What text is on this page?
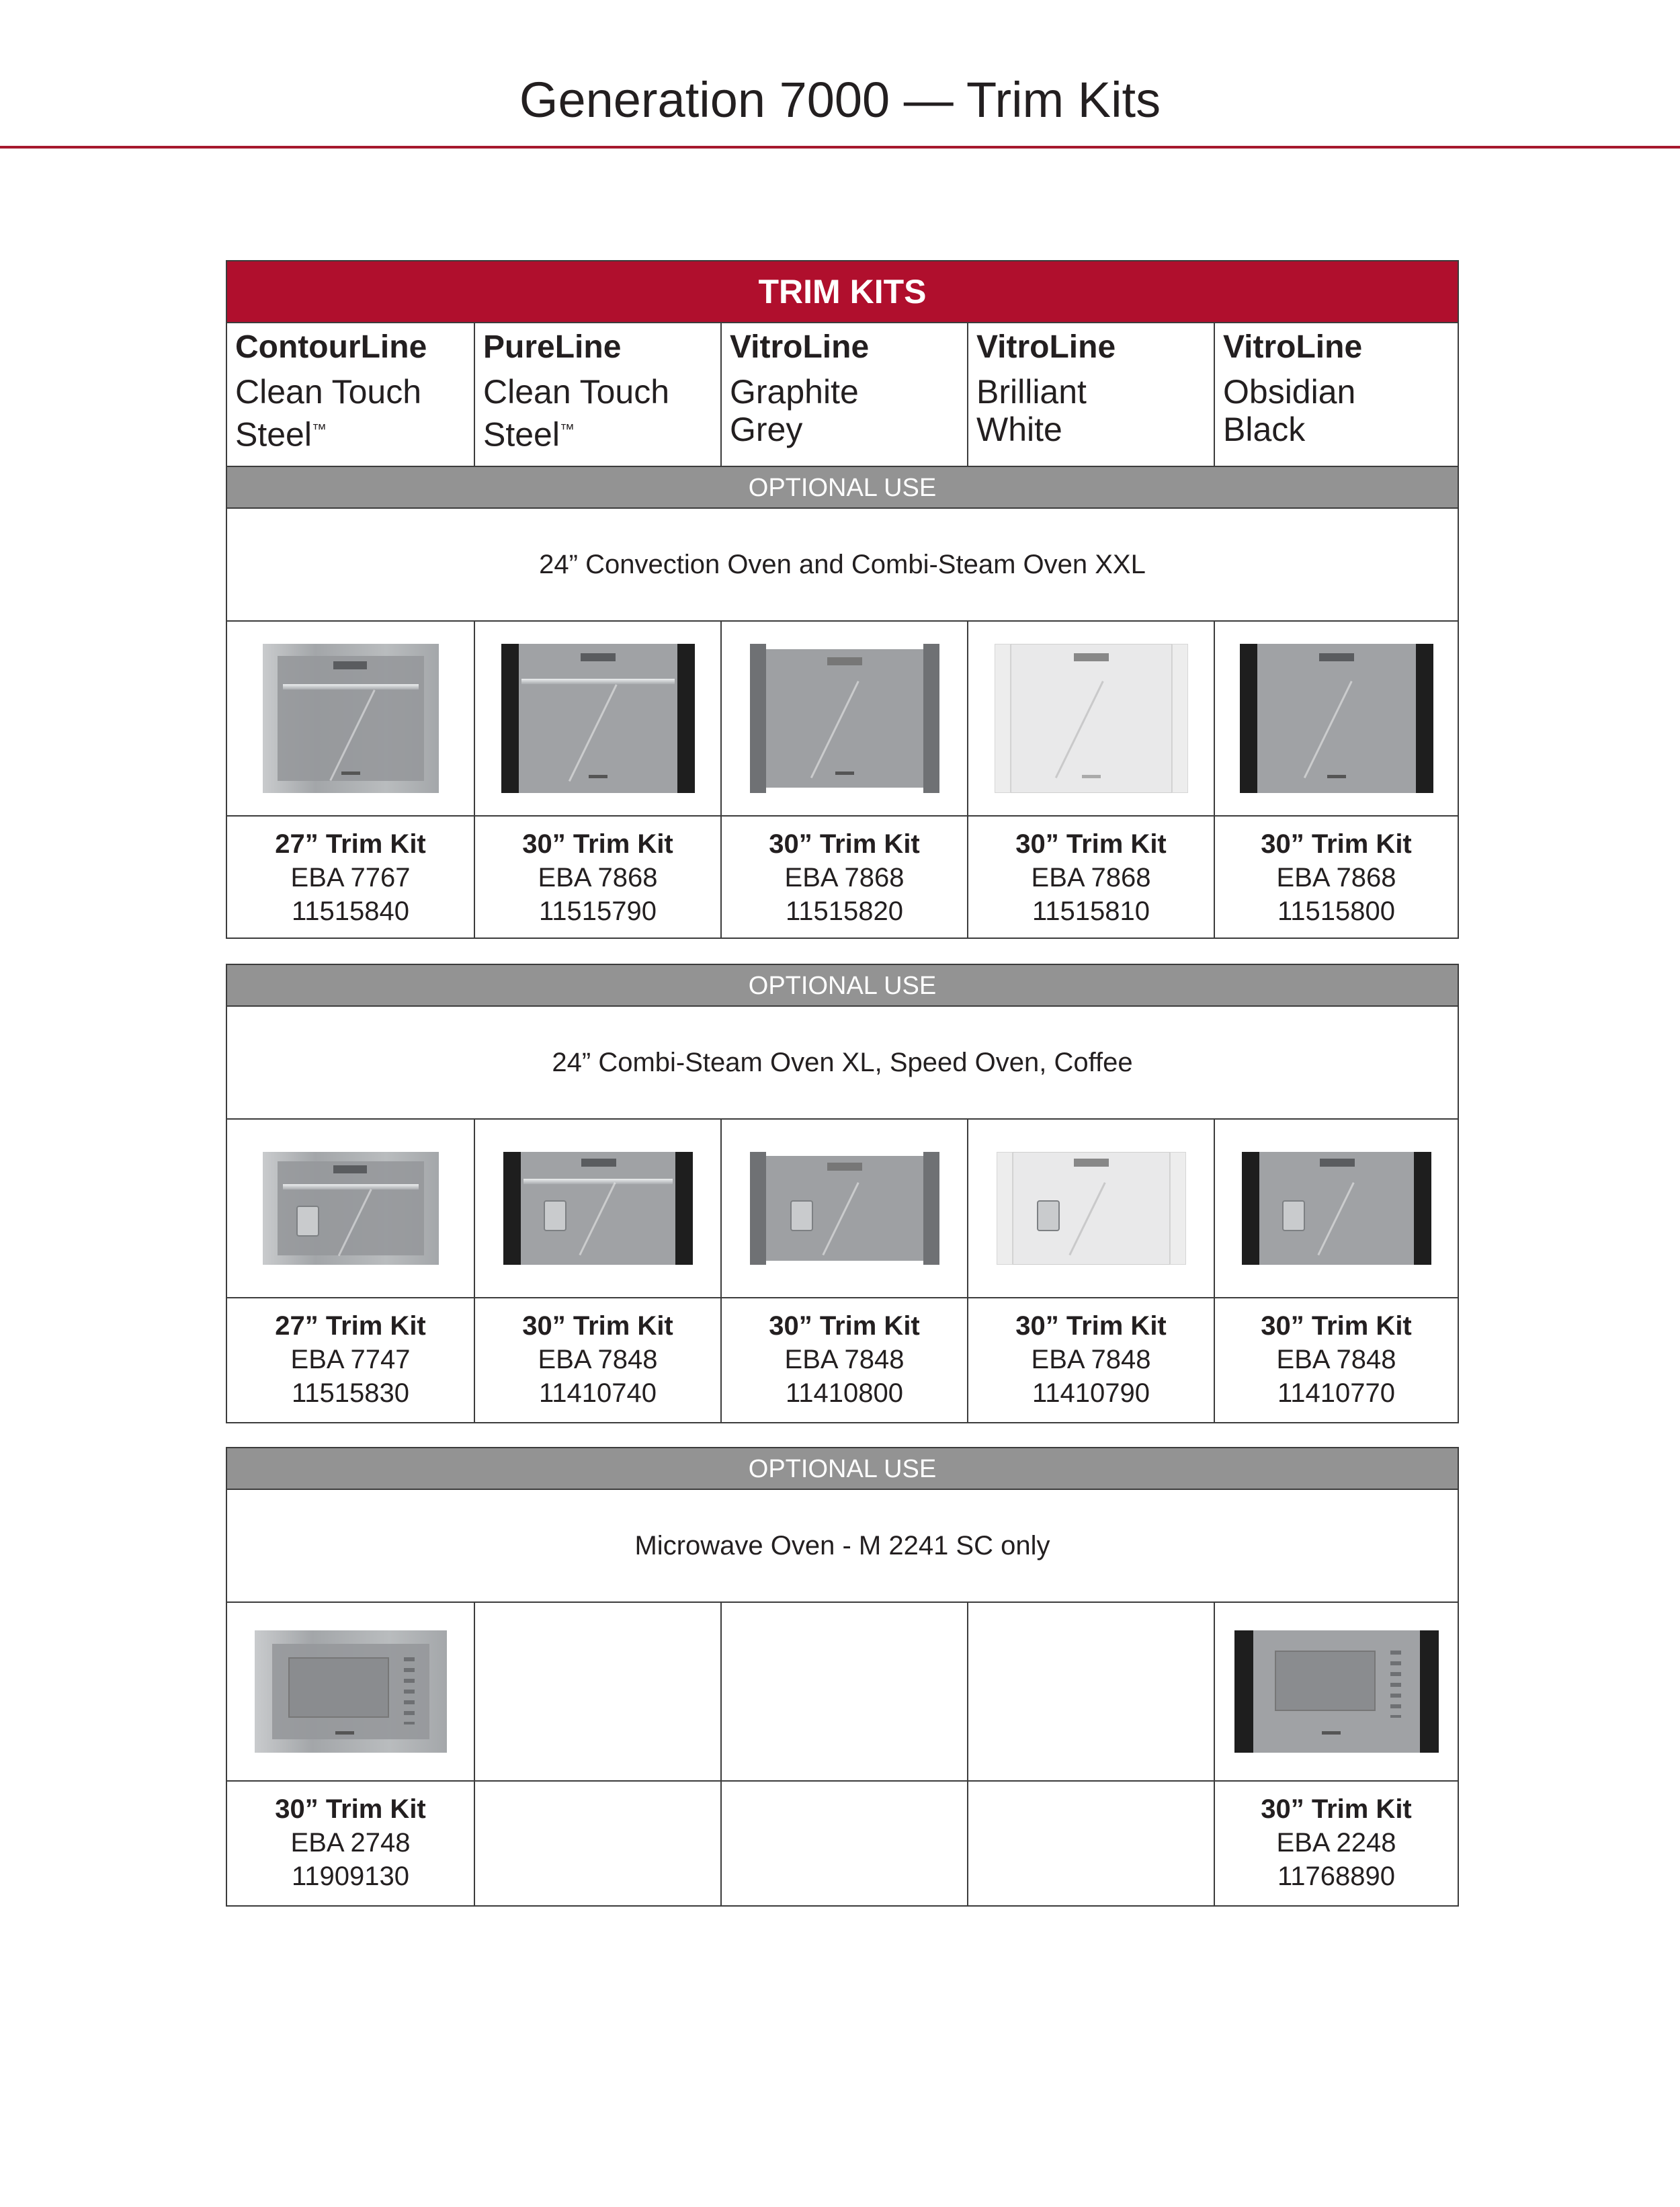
Generation 7000 — Trim Kits
TRIM KITS
ContourLine
Clean Touch
Steel™
PureLine
Clean Touch
Steel™
VitroLine
Graphite
Grey
VitroLine
Brilliant
White
VitroLine
Obsidian
Black
OPTIONAL USE
24” Convection Oven and Combi-Steam Oven XXL
27” Trim Kit
EBA 7767
11515840
30” Trim Kit
EBA 7868
11515790
30” Trim Kit
EBA 7868
11515820
30” Trim Kit
EBA 7868
11515810
30” Trim Kit
EBA 7868
11515800
OPTIONAL USE
24” Combi-Steam Oven XL, Speed Oven, Coffee
27” Trim Kit
EBA 7747
11515830
30” Trim Kit
EBA 7848
11410740
30” Trim Kit
EBA 7848
11410800
30” Trim Kit
EBA 7848
11410790
30” Trim Kit
EBA 7848
11410770
OPTIONAL USE
Microwave Oven - M 2241 SC only
30” Trim Kit
EBA 2748
11909130
30” Trim Kit
EBA 2248
11768890
